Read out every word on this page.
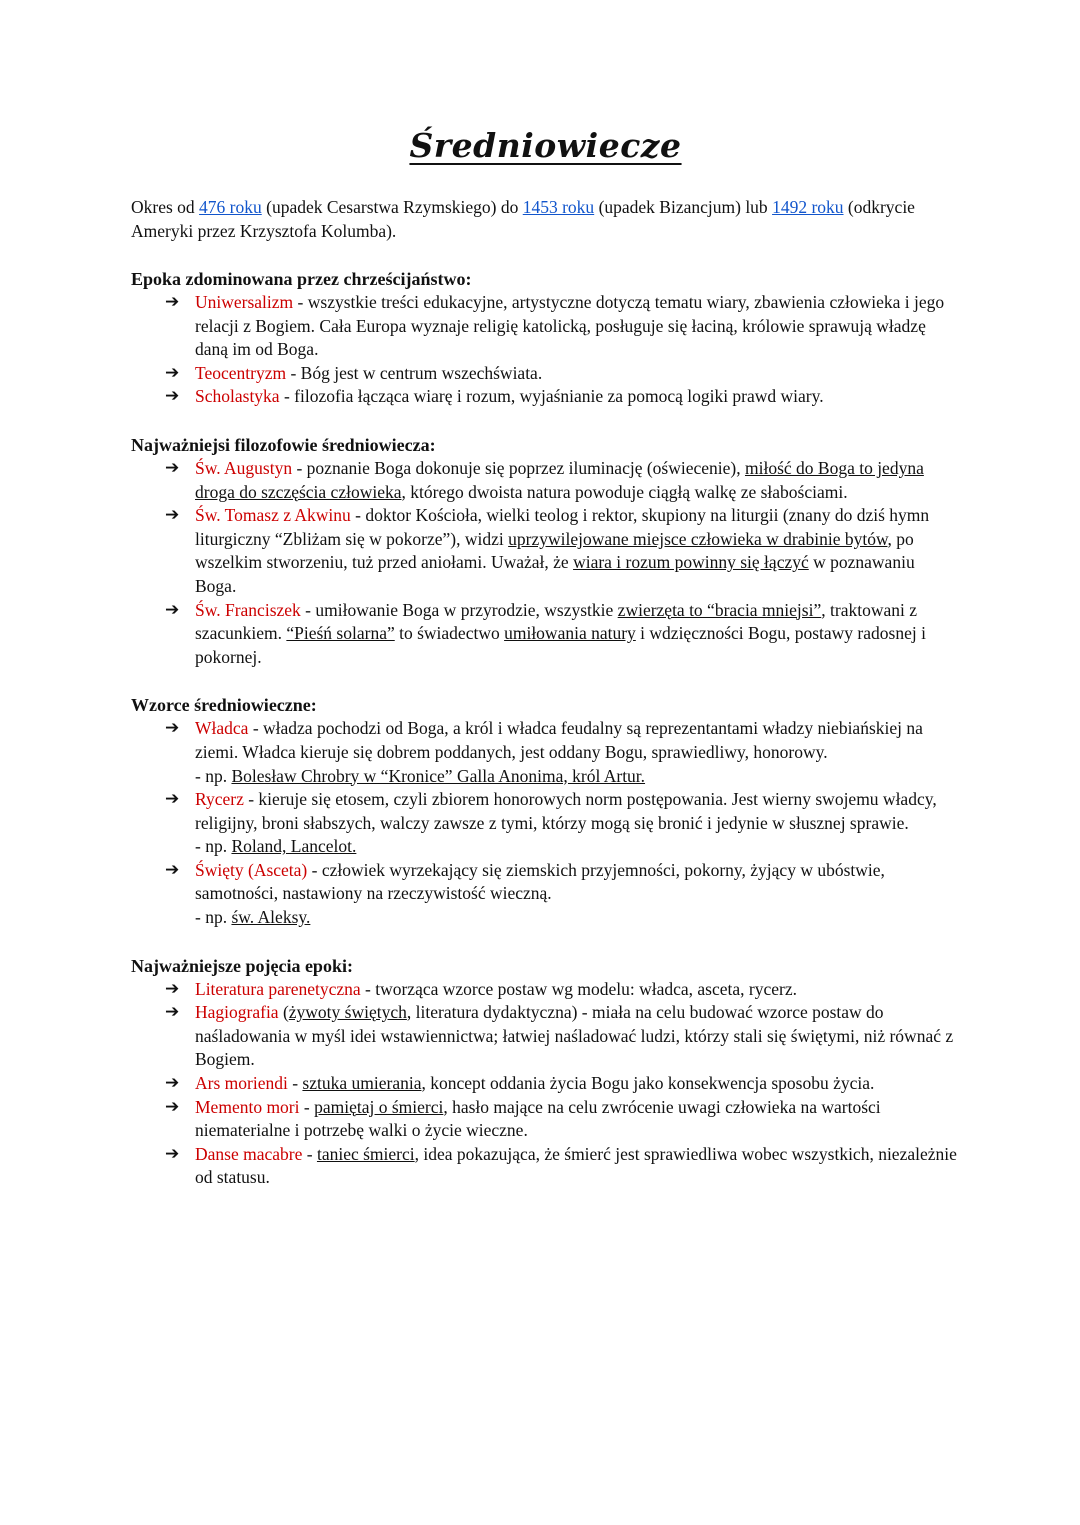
Średniowiecze

Okres od 476 roku (upadek Cesarstwa Rzymskiego) do 1453 roku (upadek Bizancjum) lub 1492 roku (odkrycie Ameryki przez Krzysztofa Kolumba).

Epoka zdominowana przez chrześcijaństwo:

➔ Uniwersalizm - wszystkie treści edukacyjne, artystyczne dotyczą tematu wiary, zbawienia człowieka i jego relacji z Bogiem. Cała Europa wyznaje religię katolicką, posługuje się łaciną, królowie sprawują władzę daną im od Boga.
➔ Teocentryzm - Bóg jest w centrum wszechświata.
➔ Scholastyka - filozofia łącząca wiarę i rozum, wyjaśnianie za pomocą logiki prawd wiary.

Najważniejsi filozofowie średniowiecza:

➔ Św. Augustyn - poznanie Boga dokonuje się poprzez iluminację (oświecenie), miłość do Boga to jedyna droga do szczęścia człowieka, którego dwoista natura powoduje ciągłą walkę ze słabościami.
➔ Św. Tomasz z Akwinu - doktor Kościoła, wielki teolog i rektor, skupiony na liturgii (znany do dziś hymn liturgiczny “Zbliżam się w pokorze”), widzi uprzywilejowane miejsce człowieka w drabinie bytów, po wszelkim stworzeniu, tuż przed aniołami. Uważał, że wiara i rozum powinny się łączyć w poznawaniu Boga.
➔ Św. Franciszek - umiłowanie Boga w przyrodzie, wszystkie zwierzęta to “bracia mniejsi”, traktowani z szacunkiem. “Pieśń solarna” to świadectwo umiłowania natury i wdzięczności Bogu, postawy radosnej i pokornej.

Wzorce średniowieczne:

➔ Władca - władza pochodzi od Boga, a król i władca feudalny są reprezentantami władzy niebiańskiej na ziemi. Władca kieruje się dobrem poddanych, jest oddany Bogu, sprawiedliwy, honorowy.
- np. Bolesław Chrobry w “Kronice” Galla Anonima, król Artur.
➔ Rycerz - kieruje się etosem, czyli zbiorem honorowych norm postępowania. Jest wierny swojemu władcy, religijny, broni słabszych, walczy zawsze z tymi, którzy mogą się bronić i jedynie w słusznej sprawie.
- np. Roland, Lancelot.
➔ Święty (Asceta) - człowiek wyrzekający się ziemskich przyjemności, pokorny, żyjący w ubóstwie, samotności, nastawiony na rzeczywistość wieczną.
- np. św. Aleksy.

Najważniejsze pojęcia epoki:

➔ Literatura parenetyczna - tworząca wzorce postaw wg modelu: władca, asceta, rycerz.
➔ Hagiografia (żywoty świętych, literatura dydaktyczna) - miała na celu budować wzorce postaw do naśladowania w myśl idei wstawiennictwa; łatwiej naśladować ludzi, którzy stali się świętymi, niż równać z Bogiem.
➔ Ars moriendi - sztuka umierania, koncept oddania życia Bogu jako konsekwencja sposobu życia.
➔ Memento mori - pamiętaj o śmierci, hasło mające na celu zwrócenie uwagi człowieka na wartości niematerialne i potrzebę walki o życie wieczne.
➔ Danse macabre - taniec śmierci, idea pokazująca, że śmierć jest sprawiedliwa wobec wszystkich, niezależnie od statusu.
